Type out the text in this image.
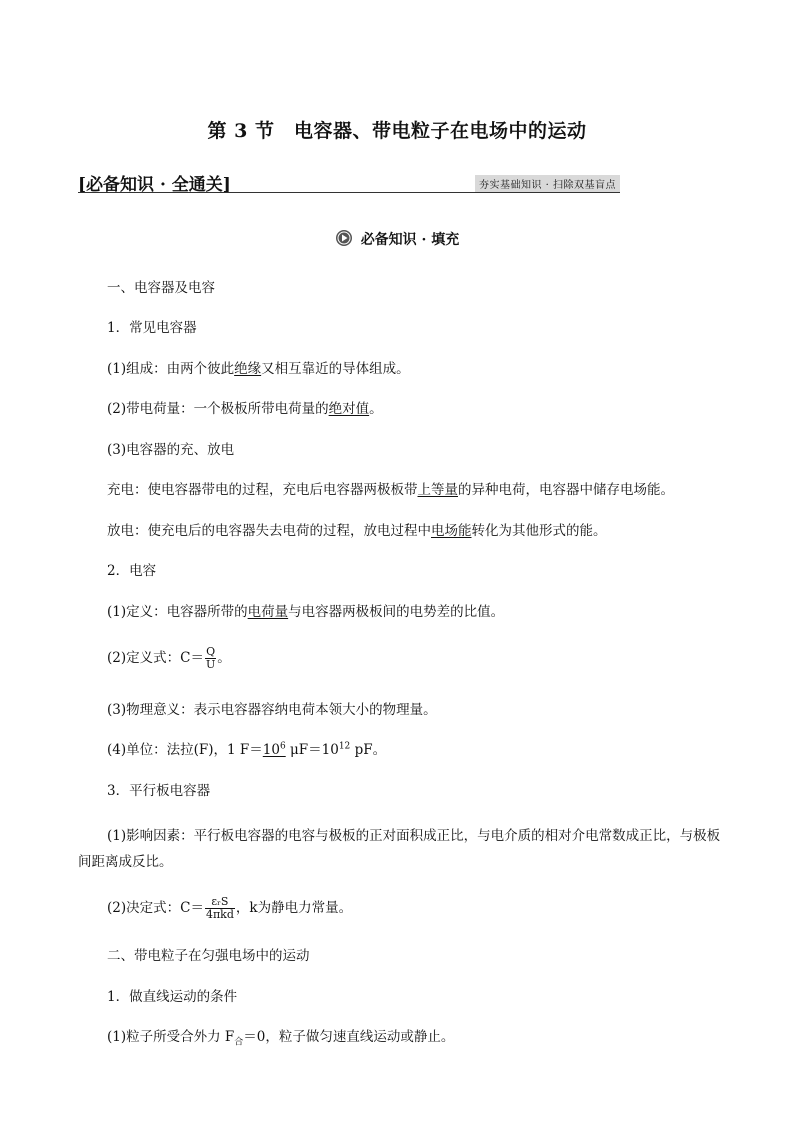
第 3 节　电容器、带电粒子在电场中的运动
[必备知识 · 全通关]	夯实基础知识 · 扫除双基盲点
必备知识 · 填充
一、电容器及电容
1．常见电容器
(1)组成：由两个彼此绝缘又相互靠近的导体组成。
(2)带电荷量：一个极板所带电荷量的绝对值。
(3)电容器的充、放电
充电：使电容器带电的过程，充电后电容器两极板带上等量的异种电荷，电容器中储存电场能。
放电：使充电后的电容器失去电荷的过程，放电过程中电场能转化为其他形式的能。
2．电容
(1)定义：电容器所带的电荷量与电容器两极板间的电势差的比值。
(2)定义式：$C= \frac{Q}{U}$ 。
(3)物理意义：表示电容器容纳电荷本领大小的物理量。
(4)单位：法拉(F)，1 $F=10^6$ $\mu F=10^{12}$ pF。
3．平行板电容器
(1)影响因素：平行板电容器的电容与极板的正对面积成正比，与电介质的相对介电常数成正比，与极板间距离成反比。
(2)决定式：$C= \frac{\text{εᵣS}}{\text{4πkd}}$ ，k为静电力常量。
二、带电粒子在匀强电场中的运动
1．做直线运动的条件
(1)粒子所受合外力 $F_合=0$，粒子做匀速直线运动或静止。
